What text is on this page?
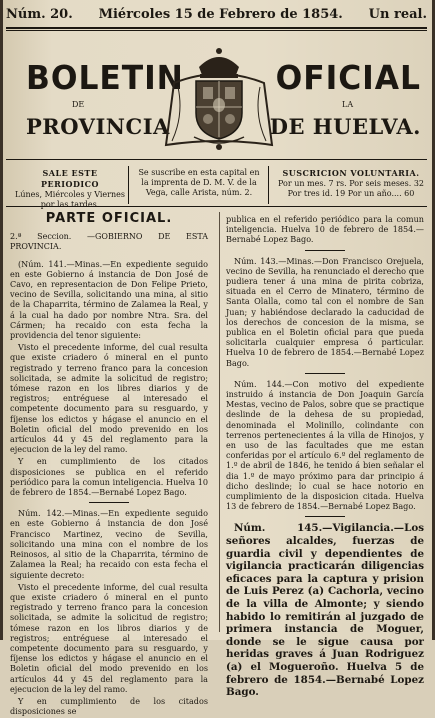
Núm. 20. Miércoles 15 de Febrero de 1854. Un real.
BOLETIN	OFICIAL
DE	LA
PROVINCIA	DE HUELVA.
SALE ESTE PERIODICO
Lúnes, Miércoles y Viernes por las tardes.
Se suscribe en esta capital en la imprenta de D. M. V. de la Vega, calle Arista, núm. 2.
SUSCRICION VOLUNTARIA.
Por un mes. 7 rs. Por seis meses. 32
Por tres id. 19 Por un año.... 60
PARTE OFICIAL.
2.ª Seccion. —GOBIERNO DE ESTA PROVINCIA.

(Núm. 141.—Minas.—En expediente seguido en este Gobierno á instancia de Don José de Cavo, en representacion de Don Felipe Prieto, vecino de Sevilla, solicitando una mina, al sitio de la Chaparrita, término de Zalamea la Real, y á la cual ha dado por nombre Ntra. Sra. del Cármen; ha recaido con esta fecha la providencia del tenor siguiente:

Visto el precedente informe, del cual resulta que existe criadero ó mineral en el punto registrado y terreno franco para la concesion solicitada, se admite la solicitud de registro; tómese razon en los libres diarios y de registros; entréguese al interesado el competente documento para su resguardo, y fíjense los edictos y hágase el anuncio en el Boletin oficial del modo prevenido en los artículos 44 y 45 del reglamento para la ejecucion de la ley del ramo.

Y en cumplimiento de los citados disposiciones se publica en el referido periódico para la comun inteligencia. Huelva 10 de febrero de 1854.—Bernabé Lopez Bago.

Núm. 142.—Minas.—En expediente seguido en este Gobierno á instancia de don José Francisco Martinez, vecino de Sevilla, solicitando una mina con el nombre de los Reinosos, al sitio de la Chaparrita, término de Zalamea la Real; ha recaido con esta fecha el siguiente decreto:

Visto el precedente informe, del cual resulta que existe criadero ó mineral en el punto registrado y terreno franco para la concesion solicitada, se admite la solicitud de registro; tómese razon en los libros diarios y de registros; entréguese al interesado el competente documento para su resguardo, y fíjense los edictos y hágase el anuncio en el Boletin oficial del modo prevenido en los artículos 44 y 45 del reglamento para la ejecucion de la ley del ramo.

Y en cumplimiento de los citados disposiciones se

publica en el referido periódico para la comun inteligencia. Huelva 10 de febrero de 1854.—Bernabé Lopez Bago.

Núm. 143.—Minas.—Don Francisco Orejuela, vecino de Sevilla, ha renunciado el derecho que pudiera tener á una mina de pirita cobriza, situada en el Cerro de Minatero, término de Santa Olalla, como tal con el nombre de San Juan; y habiéndose declarado la caducidad de los derechos de concesion de la misma, se publica en el Boletin oficial para que pueda solicitarla cualquier empresa ó particular. Huelva 10 de febrero de 1854.—Bernabé Lopez Bago.

Núm. 144.—Con motivo del expediente instruido á instancia de Don Joaquin García Mestas, vecino de Palos, sobre que se practique deslinde de la dehesa de su propiedad, denominada el Molinillo, colindante con terrenos pertenecientes á la villa de Hinojos, y en uso de las facultades que me estan conferidas por el artículo 6.º del reglamento de 1.º de abril de 1846, he tenido á bien señalar el dia 1.º de mayo próximo para dar principio á dicho deslinde; lo cual se hace notorio en cumplimiento de la disposicion citada. Huelva 13 de febrero de 1854.—Bernabé Lopez Bago.

Núm. 145.—Vigilancia.—Los señores alcaldes, fuerzas de guardia civil y dependientes de vigilancia practicarán diligencias eficaces para la captura y prision de Luis Perez (a) Cachorla, vecino de la villa de Almonte; y siendo habido lo remitirán al juzgado de primera instancia de Moguer, donde se le sigue causa por heridas graves á Juan Rodriguez (a) el Mogueroño. Huelva 5 de febrero de 1854.—Bernabé Lopez Bago.
